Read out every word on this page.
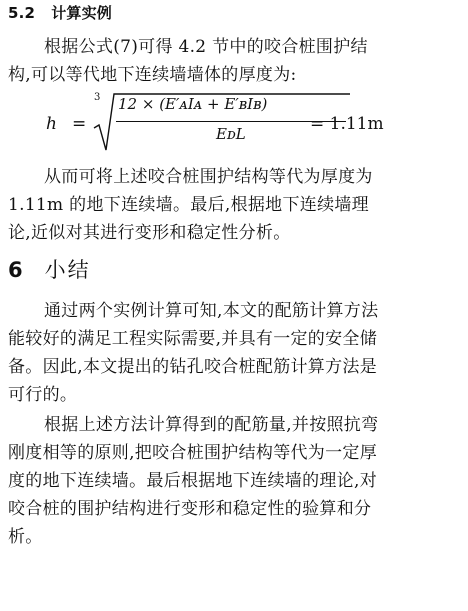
5.2 计算实例
根据公式(7)可得 4.2 节中的咬合桩围护结
构,可以等代地下连续墙墙体的厚度为:
h =
3 12 × (E′ᴀIᴀ + E′ʙIʙ)
EᴅL	= 1.11m
从而可将上述咬合桩围护结构等代为厚度为
1.11m 的地下连续墙。最后,根据地下连续墙理
论,近似对其进行变形和稳定性分析。
6 小结
通过两个实例计算可知,本文的配筋计算方法
能较好的满足工程实际需要,并具有一定的安全储
备。因此,本文提出的钻孔咬合桩配筋计算方法是
可行的。
根据上述方法计算得到的配筋量,并按照抗弯
刚度相等的原则,把咬合桩围护结构等代为一定厚
度的地下连续墙。最后根据地下连续墙的理论,对
咬合桩的围护结构进行变形和稳定性的验算和分
析。
